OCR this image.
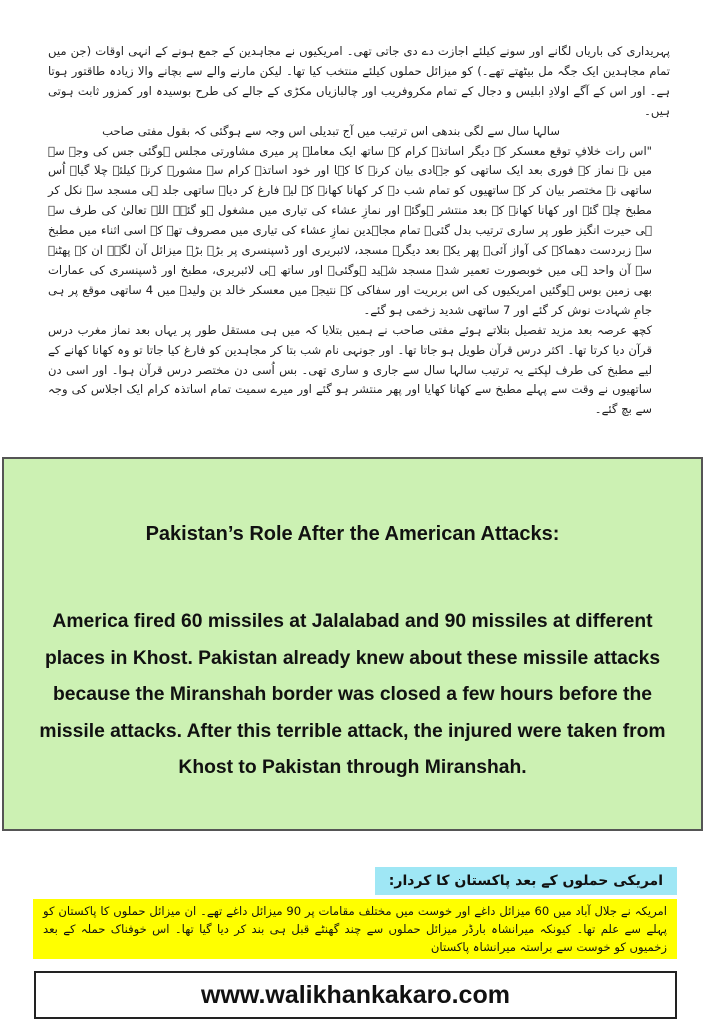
پہریداری کی باریاں لگانے اور سونے کیلئے اجازت دے دی جاتی تھی۔ امریکیوں نے مجاہدین کے جمع ہونے کے انہی اوقات (جن میں تمام مجاہدین ایک جگہ مل بیٹھتے تھے۔) کو میزائل حملوں کیلئے منتخب کیا تھا۔ لیکن مارنے والے سے بچانے والا زیادہ طاقتور ہوتا ہے۔ اور اس کے آگے اولادِ ابلیس و دجال کے تمام مکروفریب اور چالبازیاں مکڑی کے جالے کی طرح بوسیدہ اور کمزور ثابت ہوتی ہیں۔

سالہا سال سے لگی بندھی اس ترتیب میں آج تبدیلی اس وجہ سے ہوگئی کہ بقول مفتی صاحب

"اس رات خلافِ توقع معسکر کے دیگر اساتذہ کرام کے ساتھ ایک معاملہ پر میری مشاورتی مجلس ہوگئی جس کی وجہ سے میں نے نماز کے فوری بعد ایک ساتھی کو جہادی بیان کرنے کا کہا اور خود اساتذہ کرام سے مشورہ کرنے کیلئے چلا گیا۔ اُس ساتھی نے مختصر بیان کر کے ساتھیوں کو تمام شب دے کر کھانا کھانے کے لیے فارغ کر دیا۔ ساتھی جلد ہی مسجد سے نکل کر مطبخ چلے گئے اور کھانا کھانے کے بعد منتشر ہوگئے اور نمازِ عشاء کی تیاری میں مشغول ہو گئے۔ اللہ تعالیٰ کی طرف سے ہی حیرت انگیز طور پر ساری ترتیب بدل گئی۔ تمام مجاہدین نمازِ عشاء کی تیاری میں مصروف تھے کہ اسی اثناء میں مطبخ سے زبردست دھماکے کی آواز آئی۔ پھر یکے بعد دیگرے مسجد، لائبریری اور ڈسپنسری پر بڑے بڑے میزائل آن لگے۔ ان کے پھٹنے سے آن واحد ہی میں خوبصورت تعمیر شدہ مسجد شہید ہوگئی۔ اور ساتھ ہی لائبریری، مطبخ اور ڈسپنسری کی عمارات بھی زمین بوس ہوگئیں امریکیوں کی اس بربریت اور سفاکی کے نتیجہ میں معسکر خالد بن ولیدؓ میں 4 ساتھی موقع پر ہی جامِ شہادت نوش کر گئے اور 7 ساتھی شدید زخمی ہو گئے۔

کچھ عرصہ بعد مزید تفصیل بتلاتے ہوئے مفتی صاحب نے ہمیں بتلایا کہ میں ہی مستقل طور پر یہاں بعد نماز مغرب درس قرآن دیا کرتا تھا۔ اکثر درس قرآن طویل ہو جاتا تھا۔ اور جونہی نام شب بتا کر مجاہدین کو فارغ کیا جاتا تو وہ کھانا کھانے کے لیے مطبخ کی طرف لپکتے یہ ترتیب سالہا سال سے جاری و ساری تھی۔ بس اُسی دن مختصر درس قرآن ہوا۔ اور اسی دن ساتھیوں نے وقت سے پہلے مطبخ سے کھانا کھایا اور پھر منتشر ہو گئے اور میرے سمیت تمام اساتذہ کرام ایک اجلاس کی وجہ سے بچ گئے۔

Pakistan’s Role After the American Attacks:
America fired 60 missiles at Jalalabad and 90 missiles at different places in Khost. Pakistan already knew about these missile attacks because the Miranshah border was closed a few hours before the missile attacks. After this terrible attack, the injured were taken from Khost to Pakistan through Miranshah.
امریکی حملوں کے بعد پاکستان کا کردار:
امریکہ نے جلال آباد میں 60 میزائل داغے اور خوست میں مختلف مقامات پر 90 میزائل داغے تھے۔ ان میزائل حملوں کا پاکستان کو پہلے سے علم تھا۔ کیونکہ میرانشاہ بارڈر میزائل حملوں سے چند گھنٹے قبل ہی بند کر دیا گیا تھا۔ اس خوفناک حملہ کے بعد زخمیوں کو خوست سے براستہ میرانشاہ پاکستان
www.walikhankakaro.com
